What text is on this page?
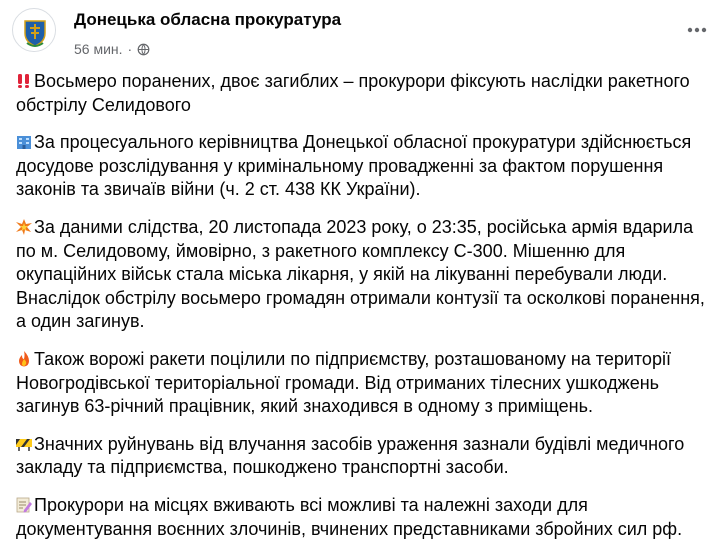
Донецька обласна прокуратура
56 мин. ·

Восьмеро поранених, двоє загиблих – прокурори фіксують наслідки ракетного обстрілу Селидового

За процесуального керівництва Донецької обласної прокуратури здійснюється досудове розслідування у кримінальному провадженні за фактом порушення законів та звичаїв війни (ч. 2 ст. 438 КК України).

За даними слідства, 20 листопада 2023 року, о 23:35, російська армія вдарила по м. Селидовому, ймовірно, з ракетного комплексу С-300. Мішенню для окупаційних військ стала міська лікарня, у якій на лікуванні перебували люди. Внаслідок обстрілу восьмеро громадян отримали контузії та осколкові поранення, а один загинув.

Також ворожі ракети поцілили по підприємству, розташованому на території Новогродівської територіальної громади. Від отриманих тілесних ушкоджень загинув 63-річний працівник, який знаходився в одному з приміщень.

Значних руйнувань від влучання засобів ураження зазнали будівлі медичного закладу та підприємства, пошкоджено транспортні засоби.

Прокурори на місцях вживають всі можливі та належні заходи для документування воєнних злочинів, вчинених представниками збройних сил рф.
